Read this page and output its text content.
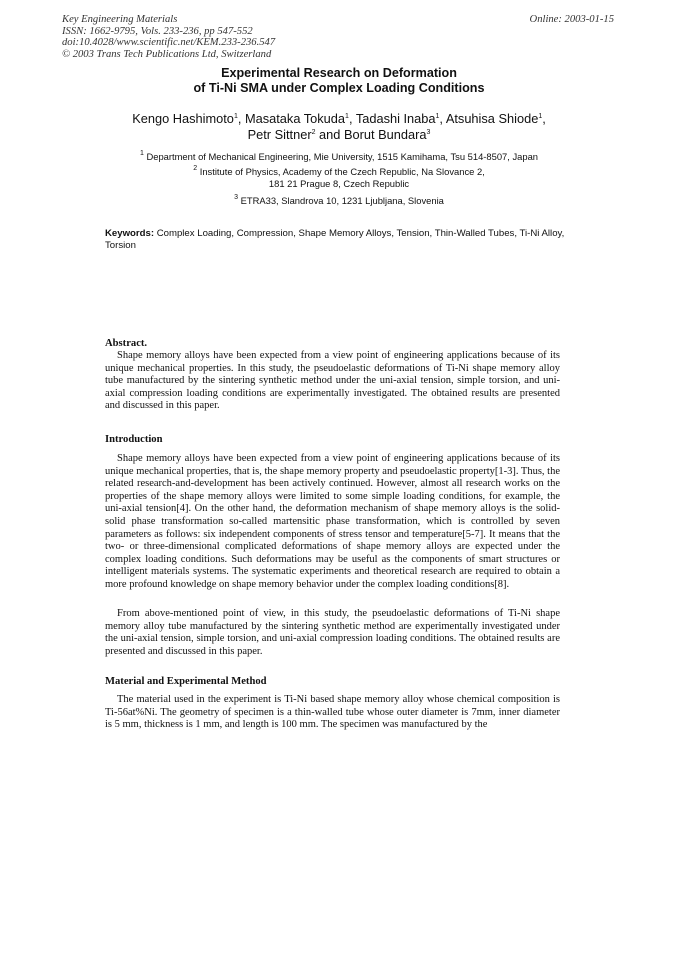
Key Engineering Materials
ISSN: 1662-9795, Vols. 233-236, pp 547-552
doi:10.4028/www.scientific.net/KEM.233-236.547
© 2003 Trans Tech Publications Ltd, Switzerland
Online: 2003-01-15
Experimental Research on Deformation
of Ti-Ni SMA under Complex Loading Conditions
Kengo Hashimoto$^1$, Masataka Tokuda$^1$, Tadashi Inaba$^1$, Atsuhisa Shiode$^1$,
Petr Sittner$^2$ and Borut Bundara$^3$
$^1$ Department of Mechanical Engineering, Mie University, 1515 Kamihama, Tsu 514-8507, Japan
$^2$ Institute of Physics, Academy of the Czech Republic, Na Slovance 2,
181 21 Prague 8, Czech Republic
$^3$ ETRA33, Slandrova 10, 1231 Ljubljana, Slovenia
Keywords: Complex Loading, Compression, Shape Memory Alloys, Tension, Thin-Walled Tubes, Ti-Ni Alloy, Torsion
Abstract.
Shape memory alloys have been expected from a view point of engineering applications because of its unique mechanical properties. In this study, the pseudoelastic deformations of Ti-Ni shape memory alloy tube manufactured by the sintering synthetic method under the uni-axial tension, simple torsion, and uni-axial compression loading conditions are experimentally investigated. The obtained results are presented and discussed in this paper.
Introduction
Shape memory alloys have been expected from a view point of engineering applications because of its unique mechanical properties, that is, the shape memory property and pseudoelastic property[1-3]. Thus, the related research-and-development has been actively continued. However, almost all research works on the properties of the shape memory alloys were limited to some simple loading conditions, for example, the uni-axial tension[4]. On the other hand, the deformation mechanism of shape memory alloys is the solid-solid phase transformation so-called martensitic phase transformation, which is controlled by seven parameters as follows: six independent components of stress tensor and temperature[5-7]. It means that the two- or three-dimensional complicated deformations of shape memory alloys are expected under the complex loading conditions. Such deformations may be useful as the components of smart structures or intelligent materials systems. The systematic experiments and theoretical research are required to obtain a more profound knowledge on shape memory behavior under the complex loading conditions[8].
From above-mentioned point of view, in this study, the pseudoelastic deformations of Ti-Ni shape memory alloy tube manufactured by the sintering synthetic method are experimentally investigated under the uni-axial tension, simple torsion, and uni-axial compression loading conditions. The obtained results are presented and discussed in this paper.
Material and Experimental Method
The material used in the experiment is Ti-Ni based shape memory alloy whose chemical composition is Ti-56at%Ni. The geometry of specimen is a thin-walled tube whose outer diameter is 7mm, inner diameter is 5 mm, thickness is 1 mm, and length is 100 mm. The specimen was manufactured by the
